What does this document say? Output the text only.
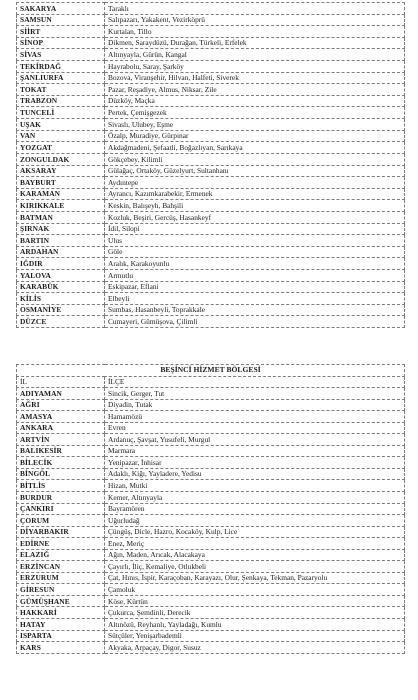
SAKARYA	Taraklı
SAMSUN	Salıpazarı, Yakakent, Vezirköprü
SİİRT	Kurtalan, Tillo
SİNOP	Dikmen, Saraydüzü, Durağan, Türkeli, Erfelek
SİVAS	Altınyayla, Gürün, Kangal
TEKİRDAĞ	Hayrabolu, Saray, Şarköy
ŞANLIURFA	Bozova, Viranşehir, Hilvan, Halfeti, Siverek
TOKAT	Pazar, Reşadiye, Almus, Niksar, Zile
TRABZON	Düzköy, Maçka
TUNCELİ	Pertek, Çemişgezek
UŞAK	Sivaslı, Ulubey, Eşme
VAN	Özalp, Muradiye, Gürpınar
YOZGAT	Akdağmadeni, Şefaatli, Boğazlıyan, Sarıkaya
ZONGULDAK	Gökçebey, Kilimli
AKSARAY	Gülağaç, Ortaköy, Güzelyurt, Sultanhanı
BAYBURT	Aydıntepe
KARAMAN	Ayrancı, Kazımkarabekir, Ermenek
KIRIKKALE	Keskin, Balışeyh, Bahşili
BATMAN	Kozluk, Beşiri, Gercüş, Hasankeyf
ŞIRNAK	İdil, Silopi
BARTIN	Ulus
ARDAHAN	Göle
IĞDIR	Aralık, Karakoyunlu
YALOVA	Armutlu
KARABÜK	Eskipazar, Eflani
KİLİS	Elbeyli
OSMANİYE	Sumbas, Hasanbeyli, Toprakkale
DÜZCE	Cumayeri, Gümüşova, Çilimli
BEŞİNCİ HİZMET BÖLGESİ	
İL	İLÇE
ADIYAMAN	Sincik, Gerger, Tut
AĞRI	Diyadin, Tutak
AMASYA	Hamamözü
ANKARA	Evren
ARTVİN	Ardanuç, Şavşat, Yusufeli, Murgul
BALIKESİR	Marmara
BİLECİK	Yenipazar, İnhisar
BİNGÖL	Adaklı, Kiğı, Yayladere, Yedisu
BİTLİS	Hizan, Mutki
BURDUR	Kemer, Altınyayla
ÇANKIRI	Bayramören
ÇORUM	Uğurludağ
DİYARBAKIR	Çüngüş, Dicle, Hazro, Kocaköy, Kulp, Lice
EDİRNE	Enez, Meriç
ELAZIĞ	Ağın, Maden, Arıcak, Alacakaya
ERZİNCAN	Çayırlı, İliç, Kemaliye, Otlukbeli
ERZURUM	Çat, Hınıs, İspir, Karaçoban, Karayazı, Olur, Şenkaya, Tekman, Pazaryolu
GİRESUN	Çamoluk
GÜMÜŞHANE	Köse, Kürtün
HAKKARİ	Çukurca, Şemdinli, Derecik
HATAY	Altınözü, Reyhanlı, Yayladağı, Kumlu
ISPARTA	Sütçüler, Yenişarbademli
KARS	Akyaka, Arpaçay, Digor, Susuz
